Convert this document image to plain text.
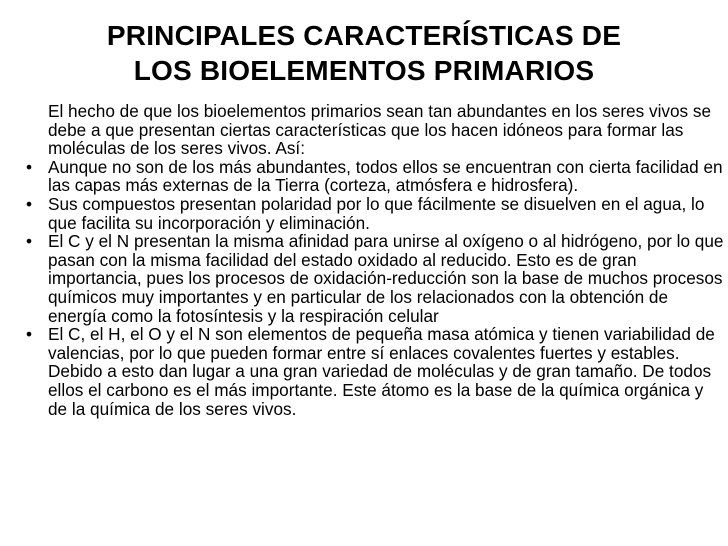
PRINCIPALES CARACTERÍSTICAS DE
LOS BIOELEMENTOS PRIMARIOS

El hecho de que los bioelementos primarios sean tan abundantes en los seres vivos se debe a que presentan ciertas características que los hacen idóneos para formar las moléculas de los seres vivos. Así:

• Aunque no son de los más abundantes, todos ellos se encuentran con cierta facilidad en las capas más externas de la Tierra (corteza, atmósfera e hidrosfera).
• Sus compuestos presentan polaridad por lo que fácilmente se disuelven en el agua, lo que facilita su incorporación y eliminación.
• El C y el N presentan la misma afinidad para unirse al oxígeno o al hidrógeno, por lo que pasan con la misma facilidad del estado oxidado al reducido. Esto es de gran importancia, pues los procesos de oxidación-reducción son la base de muchos procesos químicos muy importantes y en particular de los relacionados con la obtención de energía como la fotosíntesis y la respiración celular
• El C, el H, el O y el N son elementos de pequeña masa atómica y tienen variabilidad de valencias, por lo que pueden formar entre sí enlaces covalentes fuertes y estables. Debido a esto dan lugar a una gran variedad de moléculas y de gran tamaño. De todos ellos el carbono es el más importante. Este átomo es la base de la química orgánica y de la química de los seres vivos.
